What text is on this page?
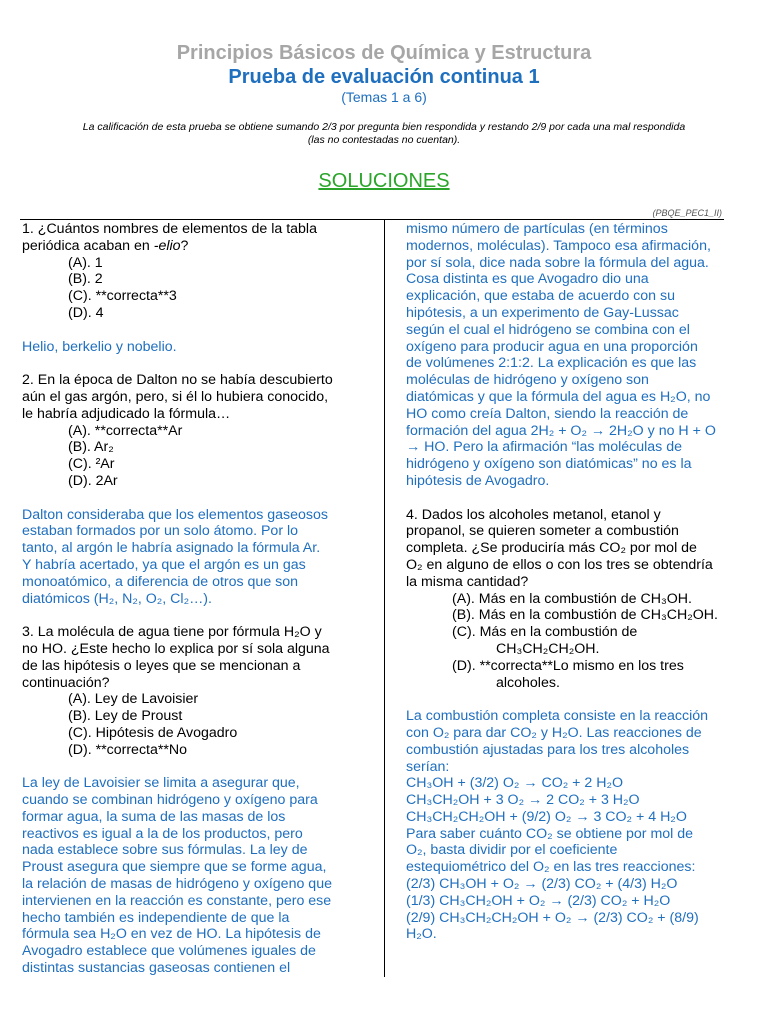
Principios Básicos de Química y Estructura
Prueba de evaluación continua 1
(Temas 1 a 6)
La calificación de esta prueba se obtiene sumando 2/3 por pregunta bien respondida y restando 2/9 por cada una mal respondida
(las no contestadas no cuentan).
SOLUCIONES
(PBQE_PEC1_II)

1. ¿Cuántos nombres de elementos de la tabla

periódica acaban en -elio?

(A). 1

(B). 2

(C). **correcta**3

(D). 4

Helio, berkelio y nobelio.

2. En la época de Dalton no se había descubierto

aún el gas argón, pero, si él lo hubiera conocido,

le habría adjudicado la fórmula…

(A). **correcta**Ar

(B). Ar₂

(C). ²Ar

(D). 2Ar

Dalton consideraba que los elementos gaseosos

estaban formados por un solo átomo. Por lo

tanto, al argón le habría asignado la fórmula Ar.

Y habría acertado, ya que el argón es un gas

monoatómico, a diferencia de otros que son

diatómicos (H₂, N₂, O₂, Cl₂…).

3. La molécula de agua tiene por fórmula H₂O y

no HO. ¿Este hecho lo explica por sí sola alguna

de las hipótesis o leyes que se mencionan a

continuación?

(A). Ley de Lavoisier

(B). Ley de Proust

(C). Hipótesis de Avogadro

(D). **correcta**No

La ley de Lavoisier se limita a asegurar que,

cuando se combinan hidrógeno y oxígeno para

formar agua, la suma de las masas de los

reactivos es igual a la de los productos, pero

nada establece sobre sus fórmulas. La ley de

Proust asegura que siempre que se forme agua,

la relación de masas de hidrógeno y oxígeno que

intervienen en la reacción es constante, pero ese

hecho también es independiente de que la

fórmula sea H₂O en vez de HO. La hipótesis de

Avogadro establece que volúmenes iguales de

distintas sustancias gaseosas contienen el

mismo número de partículas (en términos

modernos, moléculas). Tampoco esa afirmación,

por sí sola, dice nada sobre la fórmula del agua.

Cosa distinta es que Avogadro dio una

explicación, que estaba de acuerdo con su

hipótesis, a un experimento de Gay-Lussac

según el cual el hidrógeno se combina con el

oxígeno para producir agua en una proporción

de volúmenes 2:1:2. La explicación es que las

moléculas de hidrógeno y oxígeno son

diatómicas y que la fórmula del agua es H₂O, no

HO como creía Dalton, siendo la reacción de

formación del agua 2H₂ + O₂ → 2H₂O y no H + O

→ HO. Pero la afirmación “las moléculas de

hidrógeno y oxígeno son diatómicas” no es la

hipótesis de Avogadro.

4. Dados los alcoholes metanol, etanol y

propanol, se quieren someter a combustión

completa. ¿Se produciría más CO₂ por mol de

O₂ en alguno de ellos o con los tres se obtendría

la misma cantidad?

(A). Más en la combustión de CH₃OH.

(B). Más en la combustión de CH₃CH₂OH.

(C). Más en la combustión de

CH₃CH₂CH₂OH.

(D). **correcta**Lo mismo en los tres

alcoholes.

La combustión completa consiste en la reacción

con O₂ para dar CO₂ y H₂O. Las reacciones de

combustión ajustadas para los tres alcoholes

serían:

CH₃OH + (3/2) O₂ → CO₂ + 2 H₂O

CH₃CH₂OH + 3 O₂ → 2 CO₂ + 3 H₂O

CH₃CH₂CH₂OH + (9/2) O₂ → 3 CO₂ + 4 H₂O

Para saber cuánto CO₂ se obtiene por mol de

O₂, basta dividir por el coeficiente

estequiométrico del O₂ en las tres reacciones:

(2/3) CH₃OH + O₂ → (2/3) CO₂ + (4/3) H₂O

(1/3) CH₃CH₂OH + O₂ → (2/3) CO₂ + H₂O

(2/9) CH₃CH₂CH₂OH + O₂ → (2/3) CO₂ + (8/9)

H₂O.
